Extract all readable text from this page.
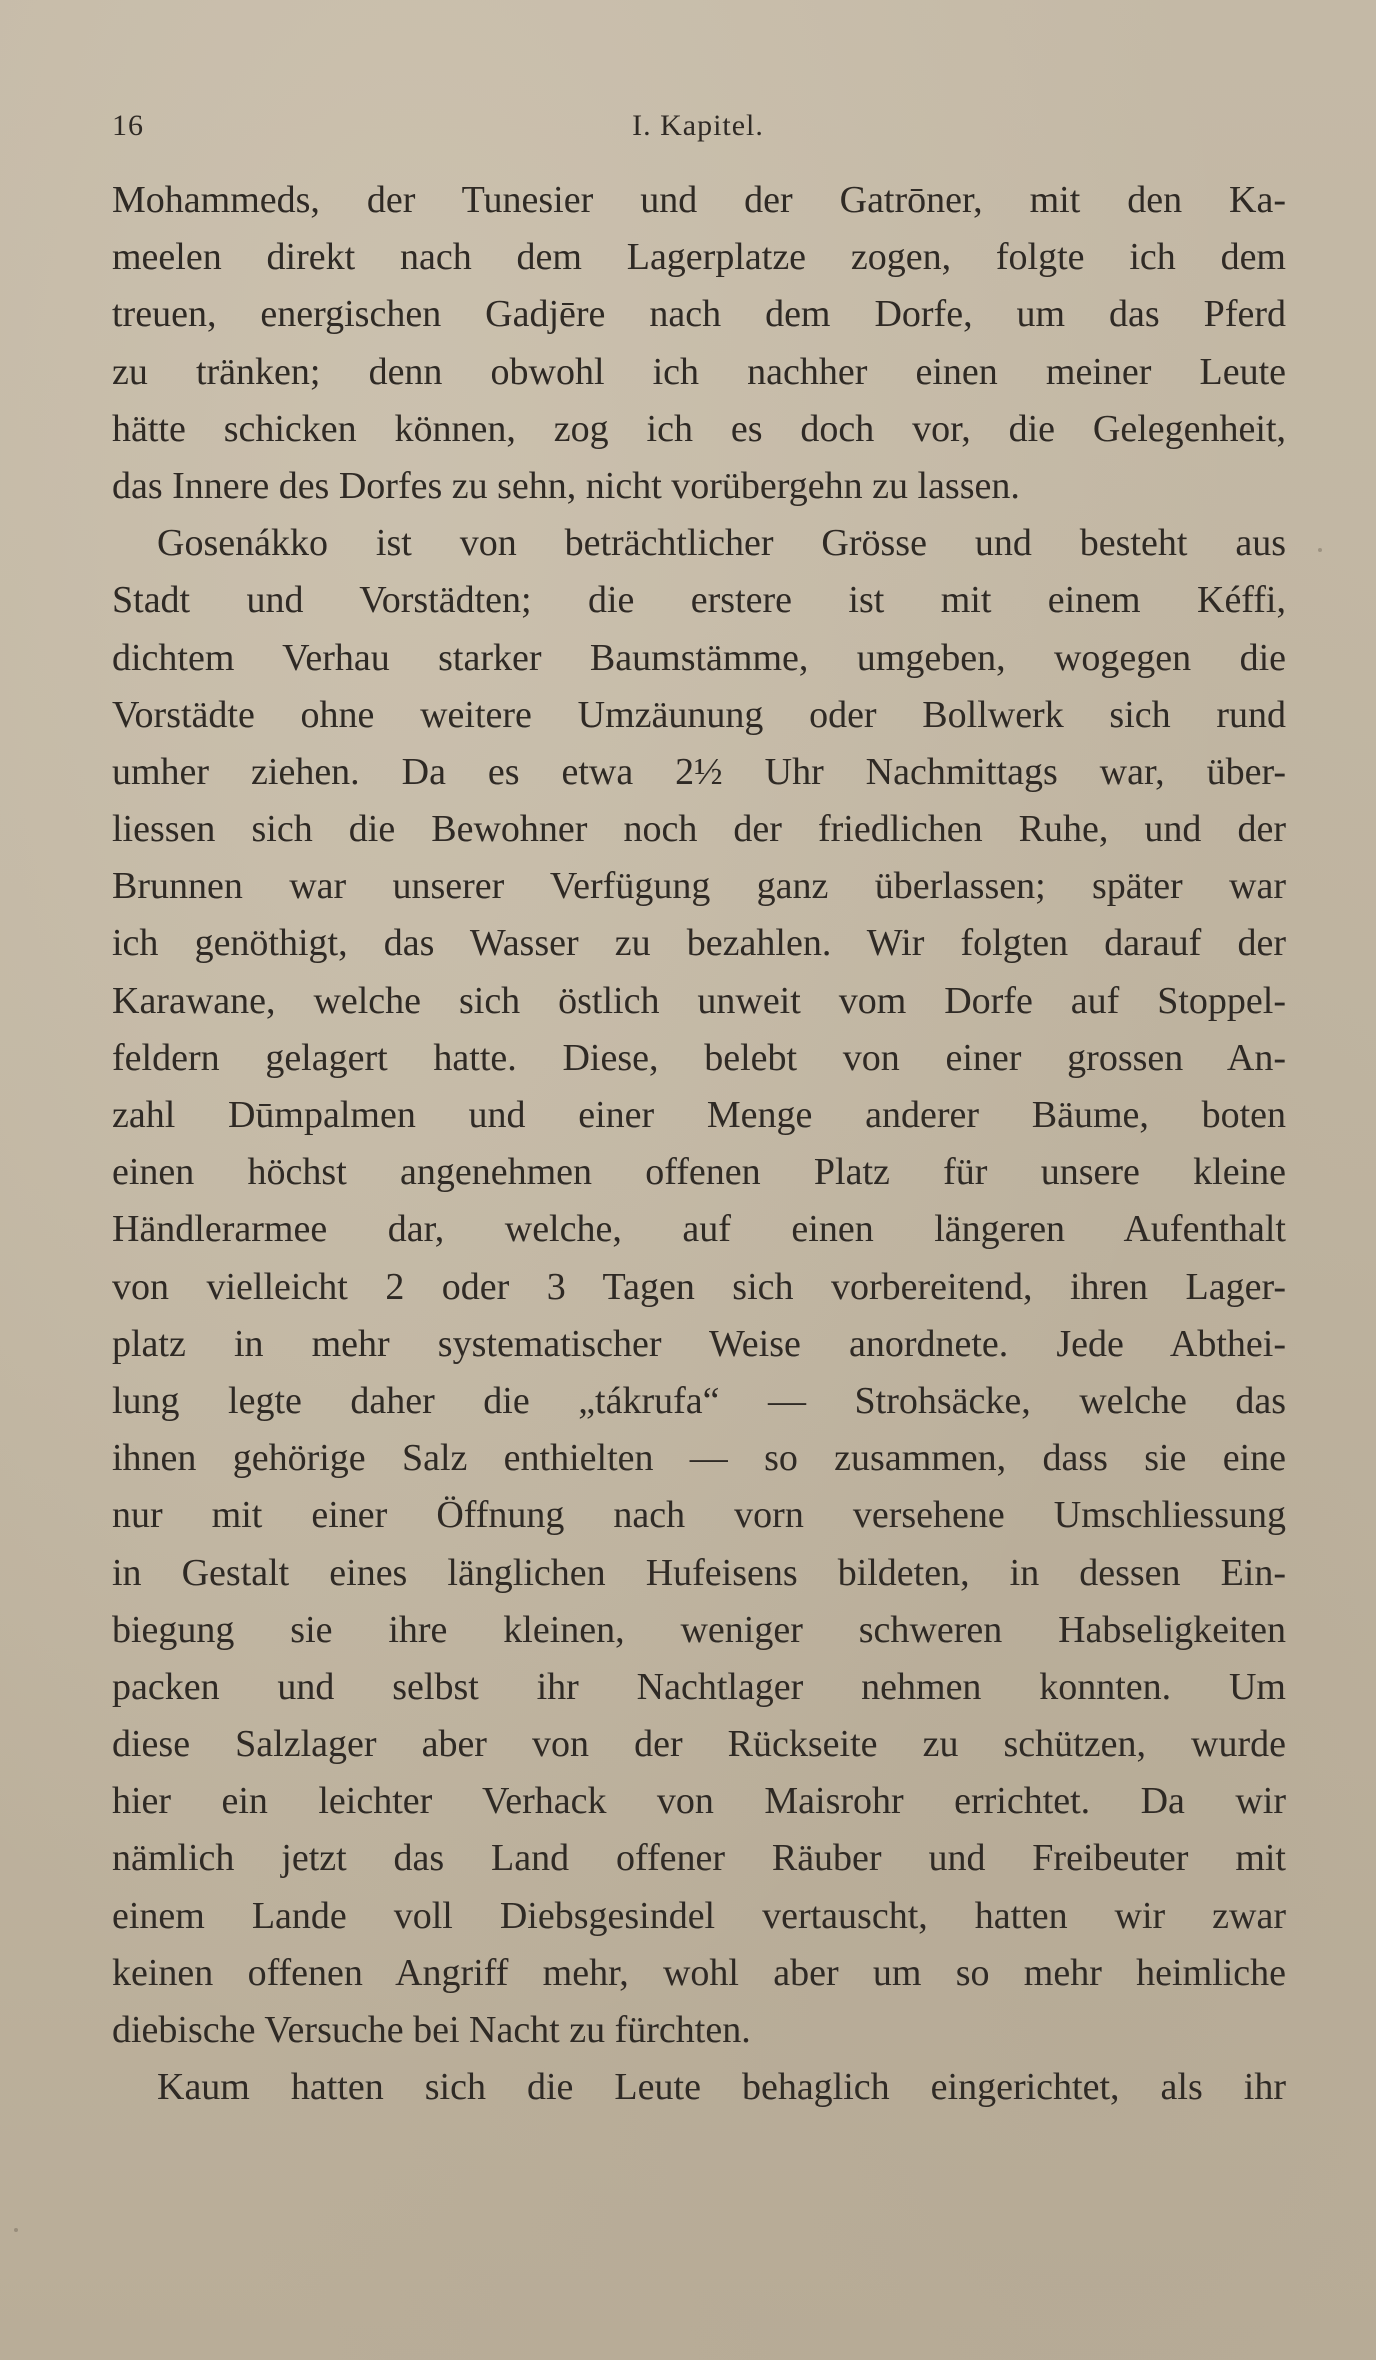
16	I. Kapitel.
Mohammeds, der Tunesier und der Gatrōner, mit den Ka-
meelen direkt nach dem Lagerplatze zogen, folgte ich dem
treuen, energischen Gadjēre nach dem Dorfe, um das Pferd
zu tränken; denn obwohl ich nachher einen meiner Leute
hätte schicken können, zog ich es doch vor, die Gelegenheit,
das Innere des Dorfes zu sehn, nicht vorübergehn zu lassen.
Gosenákko ist von beträchtlicher Grösse und besteht aus
Stadt und Vorstädten; die erstere ist mit einem Kéffi,
dichtem Verhau starker Baumstämme, umgeben, wogegen die
Vorstädte ohne weitere Umzäunung oder Bollwerk sich rund
umher ziehen. Da es etwa 2½ Uhr Nachmittags war, über-
liessen sich die Bewohner noch der friedlichen Ruhe, und der
Brunnen war unserer Verfügung ganz überlassen; später war
ich genöthigt, das Wasser zu bezahlen. Wir folgten darauf der
Karawane, welche sich östlich unweit vom Dorfe auf Stoppel-
feldern gelagert hatte. Diese, belebt von einer grossen An-
zahl Dūmpalmen und einer Menge anderer Bäume, boten
einen höchst angenehmen offenen Platz für unsere kleine
Händlerarmee dar, welche, auf einen längeren Aufenthalt
von vielleicht 2 oder 3 Tagen sich vorbereitend, ihren Lager-
platz in mehr systematischer Weise anordnete. Jede Abthei-
lung legte daher die „tákrufa“ — Strohsäcke, welche das
ihnen gehörige Salz enthielten — so zusammen, dass sie eine
nur mit einer Öffnung nach vorn versehene Umschliessung
in Gestalt eines länglichen Hufeisens bildeten, in dessen Ein-
biegung sie ihre kleinen, weniger schweren Habseligkeiten
packen und selbst ihr Nachtlager nehmen konnten. Um
diese Salzlager aber von der Rückseite zu schützen, wurde
hier ein leichter Verhack von Maisrohr errichtet. Da wir
nämlich jetzt das Land offener Räuber und Freibeuter mit
einem Lande voll Diebsgesindel vertauscht, hatten wir zwar
keinen offenen Angriff mehr, wohl aber um so mehr heimliche
diebische Versuche bei Nacht zu fürchten.
Kaum hatten sich die Leute behaglich eingerichtet, als ihr
